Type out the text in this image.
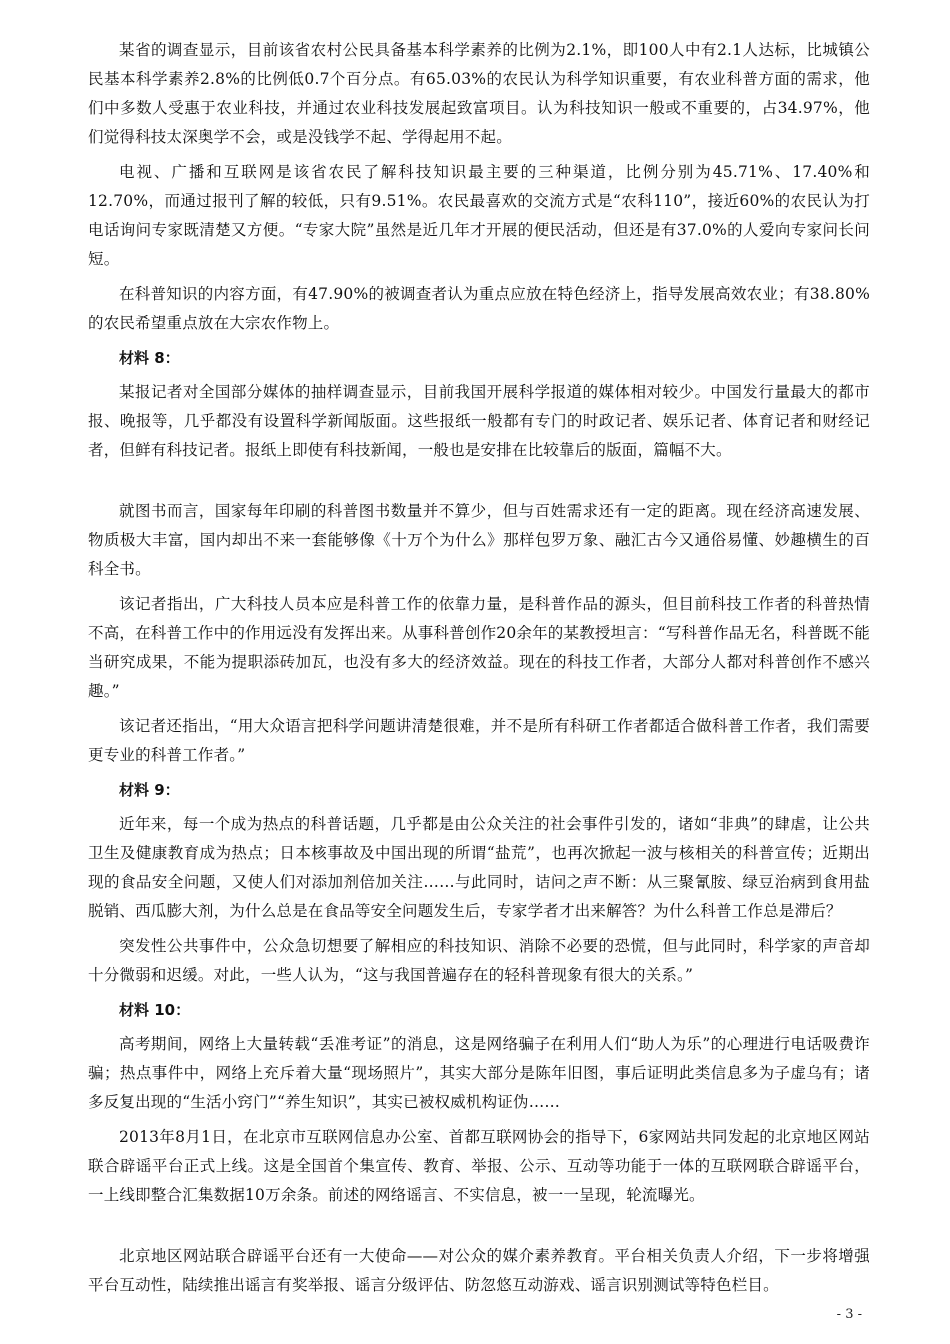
某省的调查显示，目前该省农村公民具备基本科学素养的比例为2.1%，即100人中有2.1人达标，比城镇公民基本科学素养2.8%的比例低0.7个百分点。有65.03%的农民认为科学知识重要，有农业科普方面的需求，他们中多数人受惠于农业科技，并通过农业科技发展起致富项目。认为科技知识一般或不重要的，占34.97%，他们觉得科技太深奥学不会，或是没钱学不起、学得起用不起。

电视、广播和互联网是该省农民了解科技知识最主要的三种渠道，比例分别为45.71%、17.40%和12.70%，而通过报刊了解的较低，只有9.51%。农民最喜欢的交流方式是“农科110”，接近60%的农民认为打电话询问专家既清楚又方便。“专家大院”虽然是近几年才开展的便民活动，但还是有37.0%的人爱向专家问长问短。

在科普知识的内容方面，有47.90%的被调查者认为重点应放在特色经济上，指导发展高效农业；有38.80%的农民希望重点放在大宗农作物上。

材料 8：

某报记者对全国部分媒体的抽样调查显示，目前我国开展科学报道的媒体相对较少。中国发行量最大的都市报、晚报等，几乎都没有设置科学新闻版面。这些报纸一般都有专门的时政记者、娱乐记者、体育记者和财经记者，但鲜有科技记者。报纸上即使有科技新闻，一般也是安排在比较靠后的版面，篇幅不大。

就图书而言，国家每年印刷的科普图书数量并不算少，但与百姓需求还有一定的距离。现在经济高速发展、物质极大丰富，国内却出不来一套能够像《十万个为什么》那样包罗万象、融汇古今又通俗易懂、妙趣横生的百科全书。

该记者指出，广大科技人员本应是科普工作的依靠力量，是科普作品的源头，但目前科技工作者的科普热情不高，在科普工作中的作用远没有发挥出来。从事科普创作20余年的某教授坦言：“写科普作品无名，科普既不能当研究成果，不能为提职添砖加瓦，也没有多大的经济效益。现在的科技工作者，大部分人都对科普创作不感兴趣。”

该记者还指出，“用大众语言把科学问题讲清楚很难，并不是所有科研工作者都适合做科普工作者，我们需要更专业的科普工作者。”

材料 9：

近年来，每一个成为热点的科普话题，几乎都是由公众关注的社会事件引发的，诸如“非典”的肆虐，让公共卫生及健康教育成为热点；日本核事故及中国出现的所谓“盐荒”，也再次掀起一波与核相关的科普宣传；近期出现的食品安全问题，又使人们对添加剂倍加关注……与此同时，诘问之声不断：从三聚氰胺、绿豆治病到食用盐脱销、西瓜膨大剂，为什么总是在食品等安全问题发生后，专家学者才出来解答？为什么科普工作总是滞后？

突发性公共事件中，公众急切想要了解相应的科技知识、消除不必要的恐慌，但与此同时，科学家的声音却十分微弱和迟缓。对此，一些人认为，“这与我国普遍存在的轻科普现象有很大的关系。”

材料 10：

高考期间，网络上大量转载“丢准考证”的消息，这是网络骗子在利用人们“助人为乐”的心理进行电话吸费诈骗；热点事件中，网络上充斥着大量“现场照片”，其实大部分是陈年旧图，事后证明此类信息多为子虚乌有；诸多反复出现的“生活小窍门”“养生知识”，其实已被权威机构证伪……

2013年8月1日，在北京市互联网信息办公室、首都互联网协会的指导下，6家网站共同发起的北京地区网站联合辟谣平台正式上线。这是全国首个集宣传、教育、举报、公示、互动等功能于一体的互联网联合辟谣平台，一上线即整合汇集数据10万余条。前述的网络谣言、不实信息，被一一呈现，轮流曝光。

北京地区网站联合辟谣平台还有一大使命——对公众的媒介素养教育。平台相关负责人介绍，下一步将增强平台互动性，陆续推出谣言有奖举报、谣言分级评估、防忽悠互动游戏、谣言识别测试等特色栏目。

- 3 -
